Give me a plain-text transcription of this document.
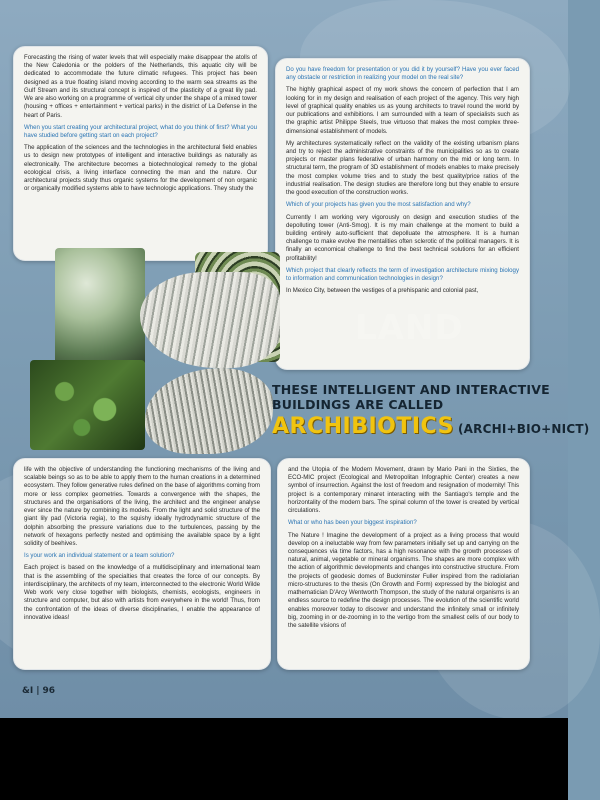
Forecasting the rising of water levels that will especially make disappear the atolls of the New Caledonia or the polders of the Netherlands, this aquatic city will be dedicated to accommodate the future climatic refugees. This project has been designed as a true floating island moving according to the warm sea streams as the Gulf Stream and its structural concept is inspired of the plasticity of a great lily pad. We are also working on a programme of vertical city under the shape of a mixed tower (housing + offices + entertainment + vertical parks) in the district of La Defense in the heart of Paris.

When you start creating your architectural project, what do you think of first? What you have studied before getting start on each project?

The application of the sciences and the technologies in the architectural field enables us to design new prototypes of intelligent and interactive buildings as naturally as electronically. The architecture becomes a biotechnological remedy to the global ecological crisis, a living interface connecting the man and the nature. Our architectural projects study thus organic systems for the development of non organic or organically modified systems able to have technologic applications. They study the

Do you have freedom for presentation or you did it by yourself? Have you ever faced any obstacle or restriction in realizing your model on the real site?

The highly graphical aspect of my work shows the concern of perfection that I am looking for in my design and realisation of each project of the agency. This very high level of graphical quality enables us as young architects to travel round the world by our publications and exhibitions. I am surrounded with a team of specialists such as the graphic artist Philippe Steels, true virtuoso that makes the most complex three-dimensional establishment of models.

My architectures systematically reflect on the validity of the existing urbanism plans and try to reject the administrative constraints of the municipalities so as to create projects or master plans federative of urban harmony on the mid or long term. In structural term, the program of 3D establishment of models enables to make precisely the most complex volume tries and to study the best quality/price ratios of the industrial realisation. The design studies are therefore long but they enable to ensure the good execution of the construction works.

Which of your projects has given you the most satisfaction and why?

Currently I am working very vigorously on design and execution studies of the depolluting tower (Anti-Smog). It is my main challenge at the moment to build a building entirely auto-sufficient that depolluate the atmosphere. It is a human challenge to make evolve the mentalities often sclerotic of the political managers. It is finally an economical challenge to find the best technical solutions for an efficient profitability!

Which project that clearly reflects the term of investigation architecture mixing biology to information and communication technologies in design?

In Mexico City, between the vestiges of a prehispanic and colonial past,

LAND
THESE INTELLIGENT AND INTERACTIVE
BUILDINGS ARE CALLED
ARCHIBIOTICS (ARCHI+BIO+NICT)

life with the objective of understanding the functioning mechanisms of the living and scalable beings so as to be able to apply them to the human creations in a determined ecosystem. They follow generative rules defined on the base of algorithms coming from more or less complex geometries. Towards a convergence with the shapes, the structures and the organisations of the living, the architect and the engineer analyse ever since the nature by combining its models. From the light and solid structure of the giant lily pad (Victoria regia), to the squishy ideally hydrodynamic structure of the dolphin absorbing the pressure variations due to the turbulences, passing by the network of hexagons perfectly nested and optimising the available space by a light solidity of beehives.

Is your work an individual statement or a team solution?

Each project is based on the knowledge of a multidisciplinary and international team that is the assembling of the specialties that creates the force of our concepts. By interdisciplinary, the architects of my team, interconnected to the electronic World Wilde Web work very close together with biologists, chemists, ecologists, engineers in structure and computer, but also with artists from everywhere in the world! Thus, from the confrontation of the ideas of diverse disciplinaries, I enable the appearance of innovative ideas!

and the Utopia of the Modern Movement, drawn by Mario Pani in the Sixties, the ECO-MIC project (Ecological and Metropolitan Infographic Center) creates a new symbol of insurrection. Against the lost of freedom and resignation of modernity! This project is a contemporary minaret interacting with the Santiago's temple and the horizontality of the modern bars. The spinal column of the tower is created by vertical circulations.

What or who has been your biggest inspiration?

The Nature ! Imagine the development of a project as a living process that would develop on a ineluctable way from few parameters initially set up and carrying on the consequences via time factors, has a high resonance with the growth processes of natural, animal, vegetable or mineral organisms. The shapes are more complex with the action of algorithmic developments and changes into constructive structure. From the projects of geodesic domes of Buckminster Fuller inspired from the radiolarian micro-structures to the thesis (On Growth and Form) expressed by the biologist and mathematician D'Arcy Wentworth Thompson, the study of the natural organisms is an endless source to redefine the design processes. The evolution of the scientific world enables moreover today to discover and understand the infinitely small or infinitely big, zooming in or de-zooming in to the vertigo from the smallest cells of our body to the satellite visions of

&I | 96
